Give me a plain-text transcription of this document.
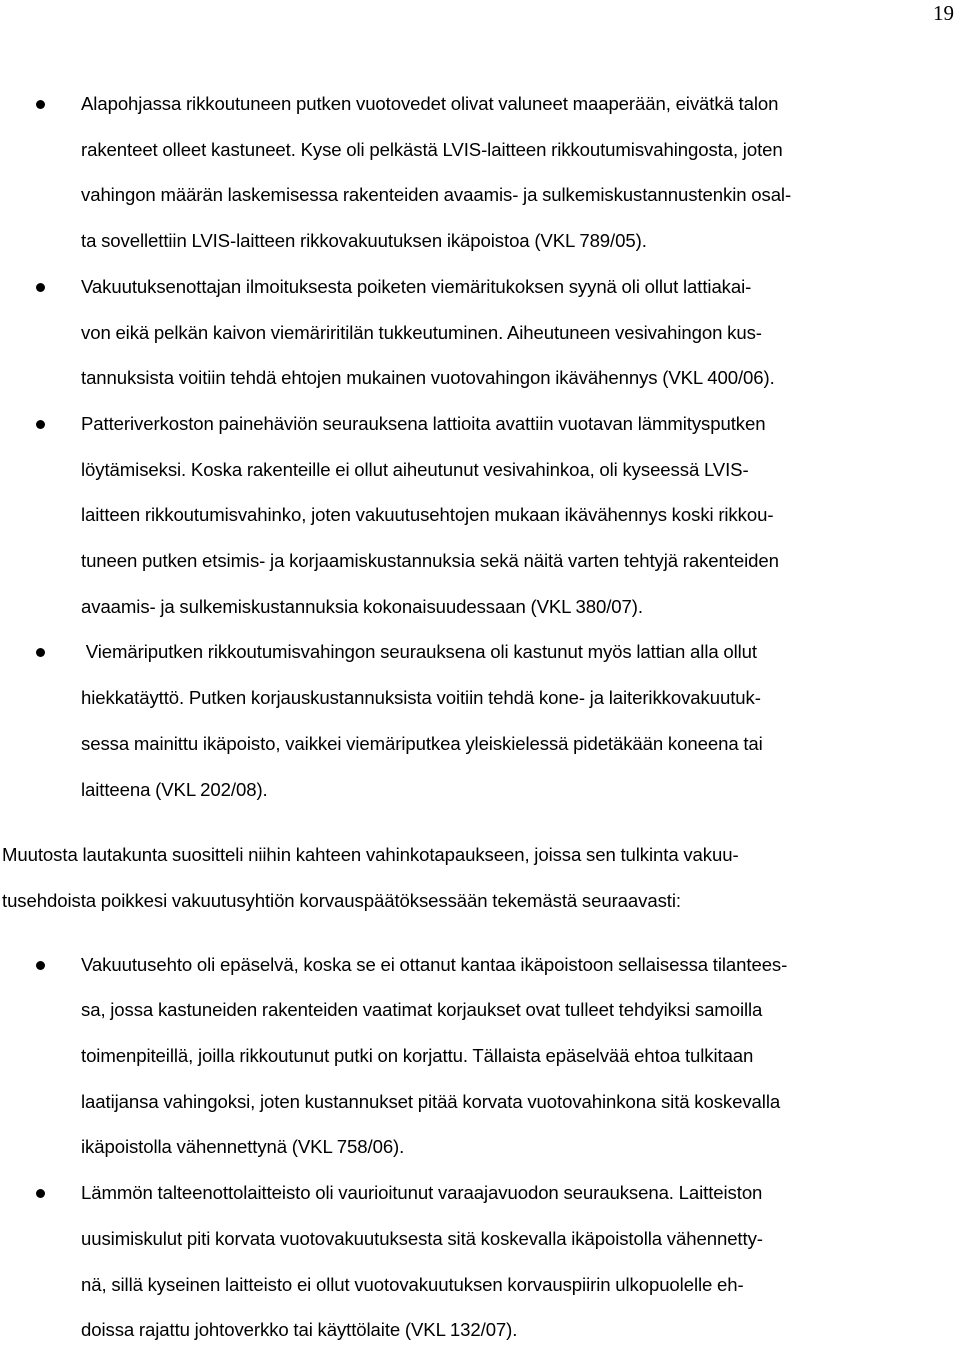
19
Alapohjassa rikkoutuneen putken vuotovedet olivat valuneet maaperään, eivätkä talon
rakenteet olleet kastuneet. Kyse oli pelkästä LVIS-laitteen rikkoutumisvahingosta, joten
vahingon määrän laskemisessa rakenteiden avaamis- ja sulkemiskustannustenkin osal-
ta sovellettiin LVIS-laitteen rikkovakuutuksen ikäpoistoa (VKL 789/05).
Vakuutuksenottajan ilmoituksesta poiketen viemäritukoksen syynä oli ollut lattiakai-
von eikä pelkän kaivon viemäriritilän tukkeutuminen. Aiheutuneen vesivahingon kus-
tannuksista voitiin tehdä ehtojen mukainen vuotovahingon ikävähennys (VKL 400/06).
Patteriverkoston painehäviön seurauksena lattioita avattiin vuotavan lämmitysputken
löytämiseksi. Koska rakenteille ei ollut aiheutunut vesivahinkoa, oli kyseessä LVIS-
laitteen rikkoutumisvahinko, joten vakuutusehtojen mukaan ikävähennys koski rikkou-
tuneen putken etsimis- ja korjaamiskustannuksia sekä näitä varten tehtyjä rakenteiden
avaamis- ja sulkemiskustannuksia kokonaisuudessaan (VKL 380/07).
Viemäriputken rikkoutumisvahingon seurauksena oli kastunut myös lattian alla ollut
hiekkatäyttö. Putken korjauskustannuksista voitiin tehdä kone- ja laiterikkovakuutuk-
sessa mainittu ikäpoisto, vaikkei viemäriputkea yleiskielessä pidetäkään koneena tai
laitteena (VKL 202/08).

Muutosta lautakunta suositteli niihin kahteen vahinkotapaukseen, joissa sen tulkinta vakuu-
tusehdoista poikkesi vakuutusyhtiön korvauspäätöksessään tekemästä seuraavasti:

Vakuutusehto oli epäselvä, koska se ei ottanut kantaa ikäpoistoon sellaisessa tilantees-
sa, jossa kastuneiden rakenteiden vaatimat korjaukset ovat tulleet tehdyiksi samoilla
toimenpiteillä, joilla rikkoutunut putki on korjattu. Tällaista epäselvää ehtoa tulkitaan
laatijansa vahingoksi, joten kustannukset pitää korvata vuotovahinkona sitä koskevalla
ikäpoistolla vähennettynä (VKL 758/06).
Lämmön talteenottolaitteisto oli vaurioitunut varaajavuodon seurauksena. Laitteiston
uusimiskulut piti korvata vuotovakuutuksesta sitä koskevalla ikäpoistolla vähennetty-
nä, sillä kyseinen laitteisto ei ollut vuotovakuutuksen korvauspiirin ulkopuolelle eh-
doissa rajattu johtoverkko tai käyttölaite (VKL 132/07).
